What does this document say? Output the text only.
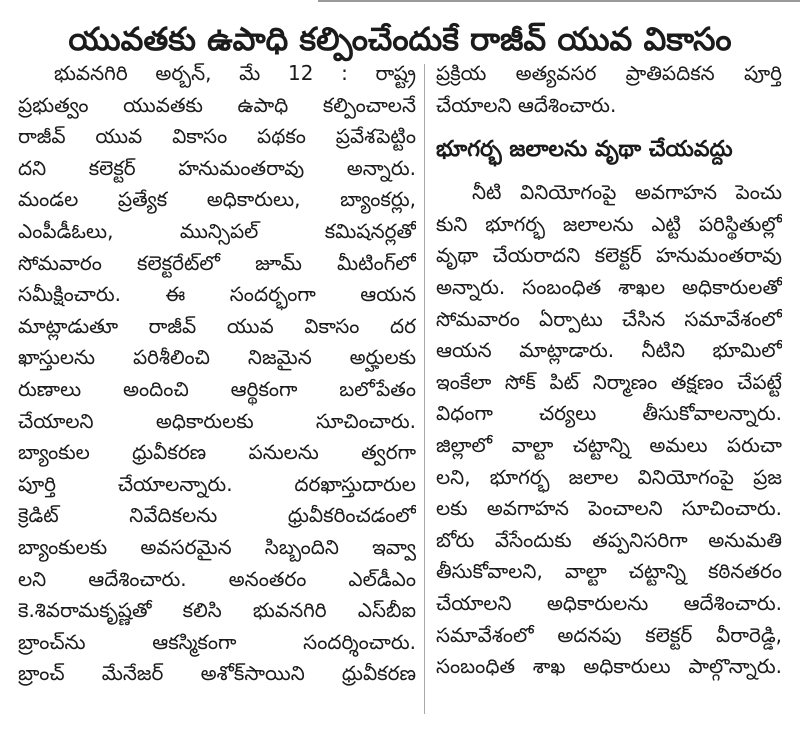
యువతకు ఉపాధి కల్పించేందుకే రాజీవ్ యువ వికాసం
భువనగిరి అర్బన్, మే 12 : రాష్ట్ర
ప్రభుత్వం యువతకు ఉపాధి కల్పించాలనే
రాజీవ్ యువ వికాసం పథకం ప్రవేశపెట్టిం
దని కలెక్టర్ హనుమంతరావు అన్నారు.
మండల ప్రత్యేక అధికారులు, బ్యాంకర్లు,
ఎంపీడీఓలు, మున్సిపల్ కమిషనర్లతో
సోమవారం కలెక్టరేట్‌లో జూమ్ మీటింగ్‌లో
సమీక్షించారు. ఈ సందర్భంగా ఆయన
మాట్లాడుతూ రాజీవ్ యువ వికాసం దర
ఖాస్తులను పరిశీలించి నిజమైన అర్హులకు
రుణాలు అందించి ఆర్థికంగా బలోపేతం
చేయాలని అధికారులకు సూచించారు.
బ్యాంకుల ధ్రువీకరణ పనులను త్వరగా
పూర్తి చేయాలన్నారు. దరఖాస్తుదారుల
క్రెడిట్ నివేదికలను ధ్రువీకరించడంలో
బ్యాంకులకు అవసరమైన సిబ్బందిని ఇవ్వా
లని ఆదేశించారు. అనంతరం ఎల్‌డీఎం
కె.శివరామకృష్ణతో కలిసి భువనగిరి ఎస్‌బీఐ
బ్రాంచ్‌ను ఆకస్మికంగా సందర్శించారు.
బ్రాంచ్ మేనేజర్ అశోక్‌సాయిని ధ్రువీకరణ
ప్రక్రియ అత్యవసర ప్రాతిపదికన పూర్తి
చేయాలని ఆదేశించారు.
భూగర్భ జలాలను వృథా చేయవద్దు
నీటి వినియోగంపై అవగాహన పెంచు
కుని భూగర్భ జలాలను ఎట్టి పరిస్థితుల్లో
వృథా చేయరాదని కలెక్టర్ హనుమంతరావు
అన్నారు. సంబంధిత శాఖల అధికారులతో
సోమవారం ఏర్పాటు చేసిన సమావేశంలో
ఆయన మాట్లాడారు. నీటిని భూమిలో
ఇంకేలా సోక్ పిట్ నిర్మాణం తక్షణం చేపట్టే
విధంగా చర్యలు తీసుకోవాలన్నారు.
జిల్లాలో వాల్టా చట్టాన్ని అమలు పరుచా
లని, భూగర్భ జలాల వినియోగంపై ప్రజ
లకు అవగాహన పెంచాలని సూచించారు.
బోరు వేసేందుకు తప్పనిసరిగా అనుమతి
తీసుకోవాలని, వాల్టా చట్టాన్ని కఠినతరం
చేయాలని అధికారులను ఆదేశించారు.
సమావేశంలో అదనపు కలెక్టర్ వీరారెడ్డి,
సంబంధిత శాఖ అధికారులు పాల్గొన్నారు.
